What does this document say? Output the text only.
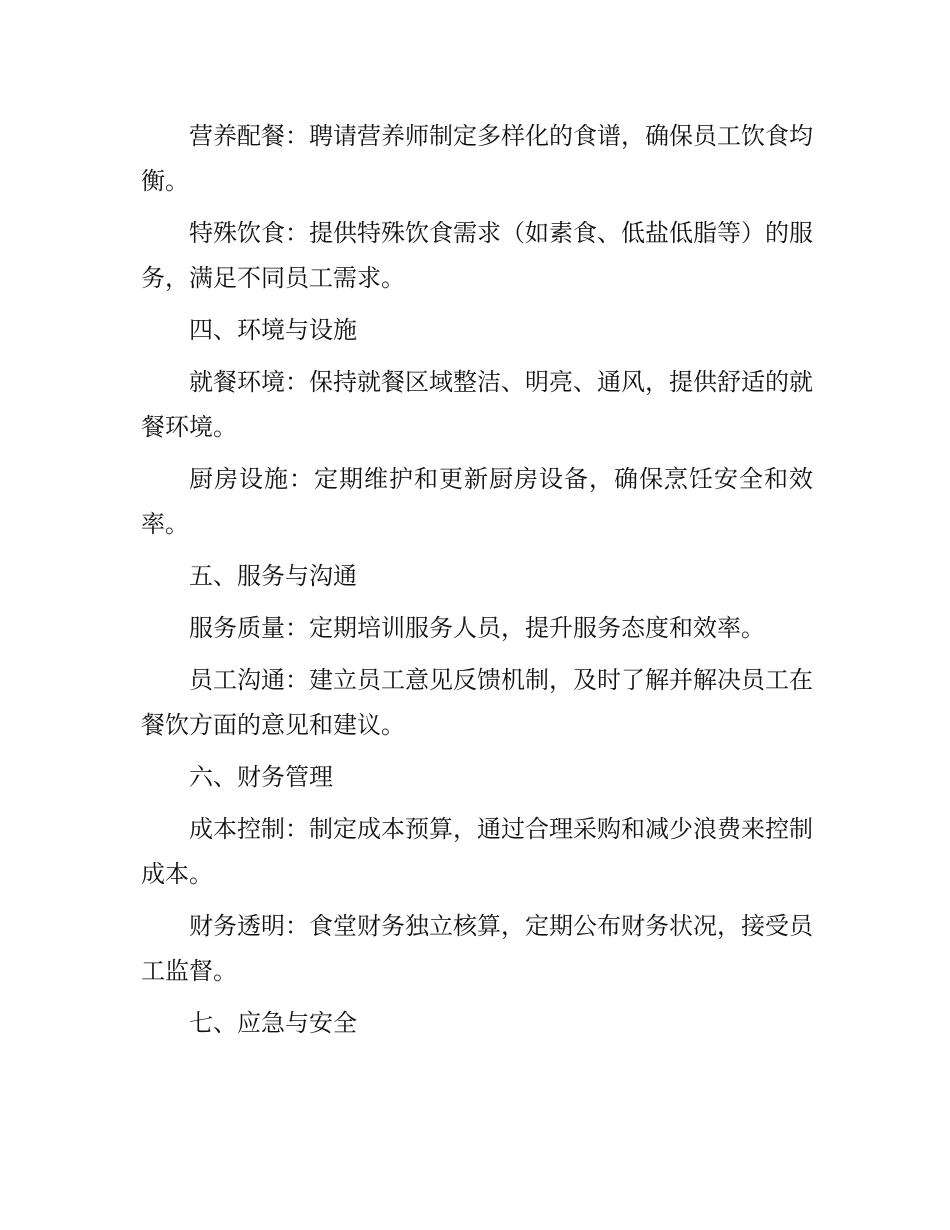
营养配餐：聘请营养师制定多样化的食谱，确保员工饮食均衡。

特殊饮食：提供特殊饮食需求（如素食、低盐低脂等）的服务，满足不同员工需求。

四、环境与设施

就餐环境：保持就餐区域整洁、明亮、通风，提供舒适的就餐环境。

厨房设施：定期维护和更新厨房设备，确保烹饪安全和效率。

五、服务与沟通

服务质量：定期培训服务人员，提升服务态度和效率。

员工沟通：建立员工意见反馈机制，及时了解并解决员工在餐饮方面的意见和建议。

六、财务管理

成本控制：制定成本预算，通过合理采购和减少浪费来控制成本。

财务透明：食堂财务独立核算，定期公布财务状况，接受员工监督。

七、应急与安全
